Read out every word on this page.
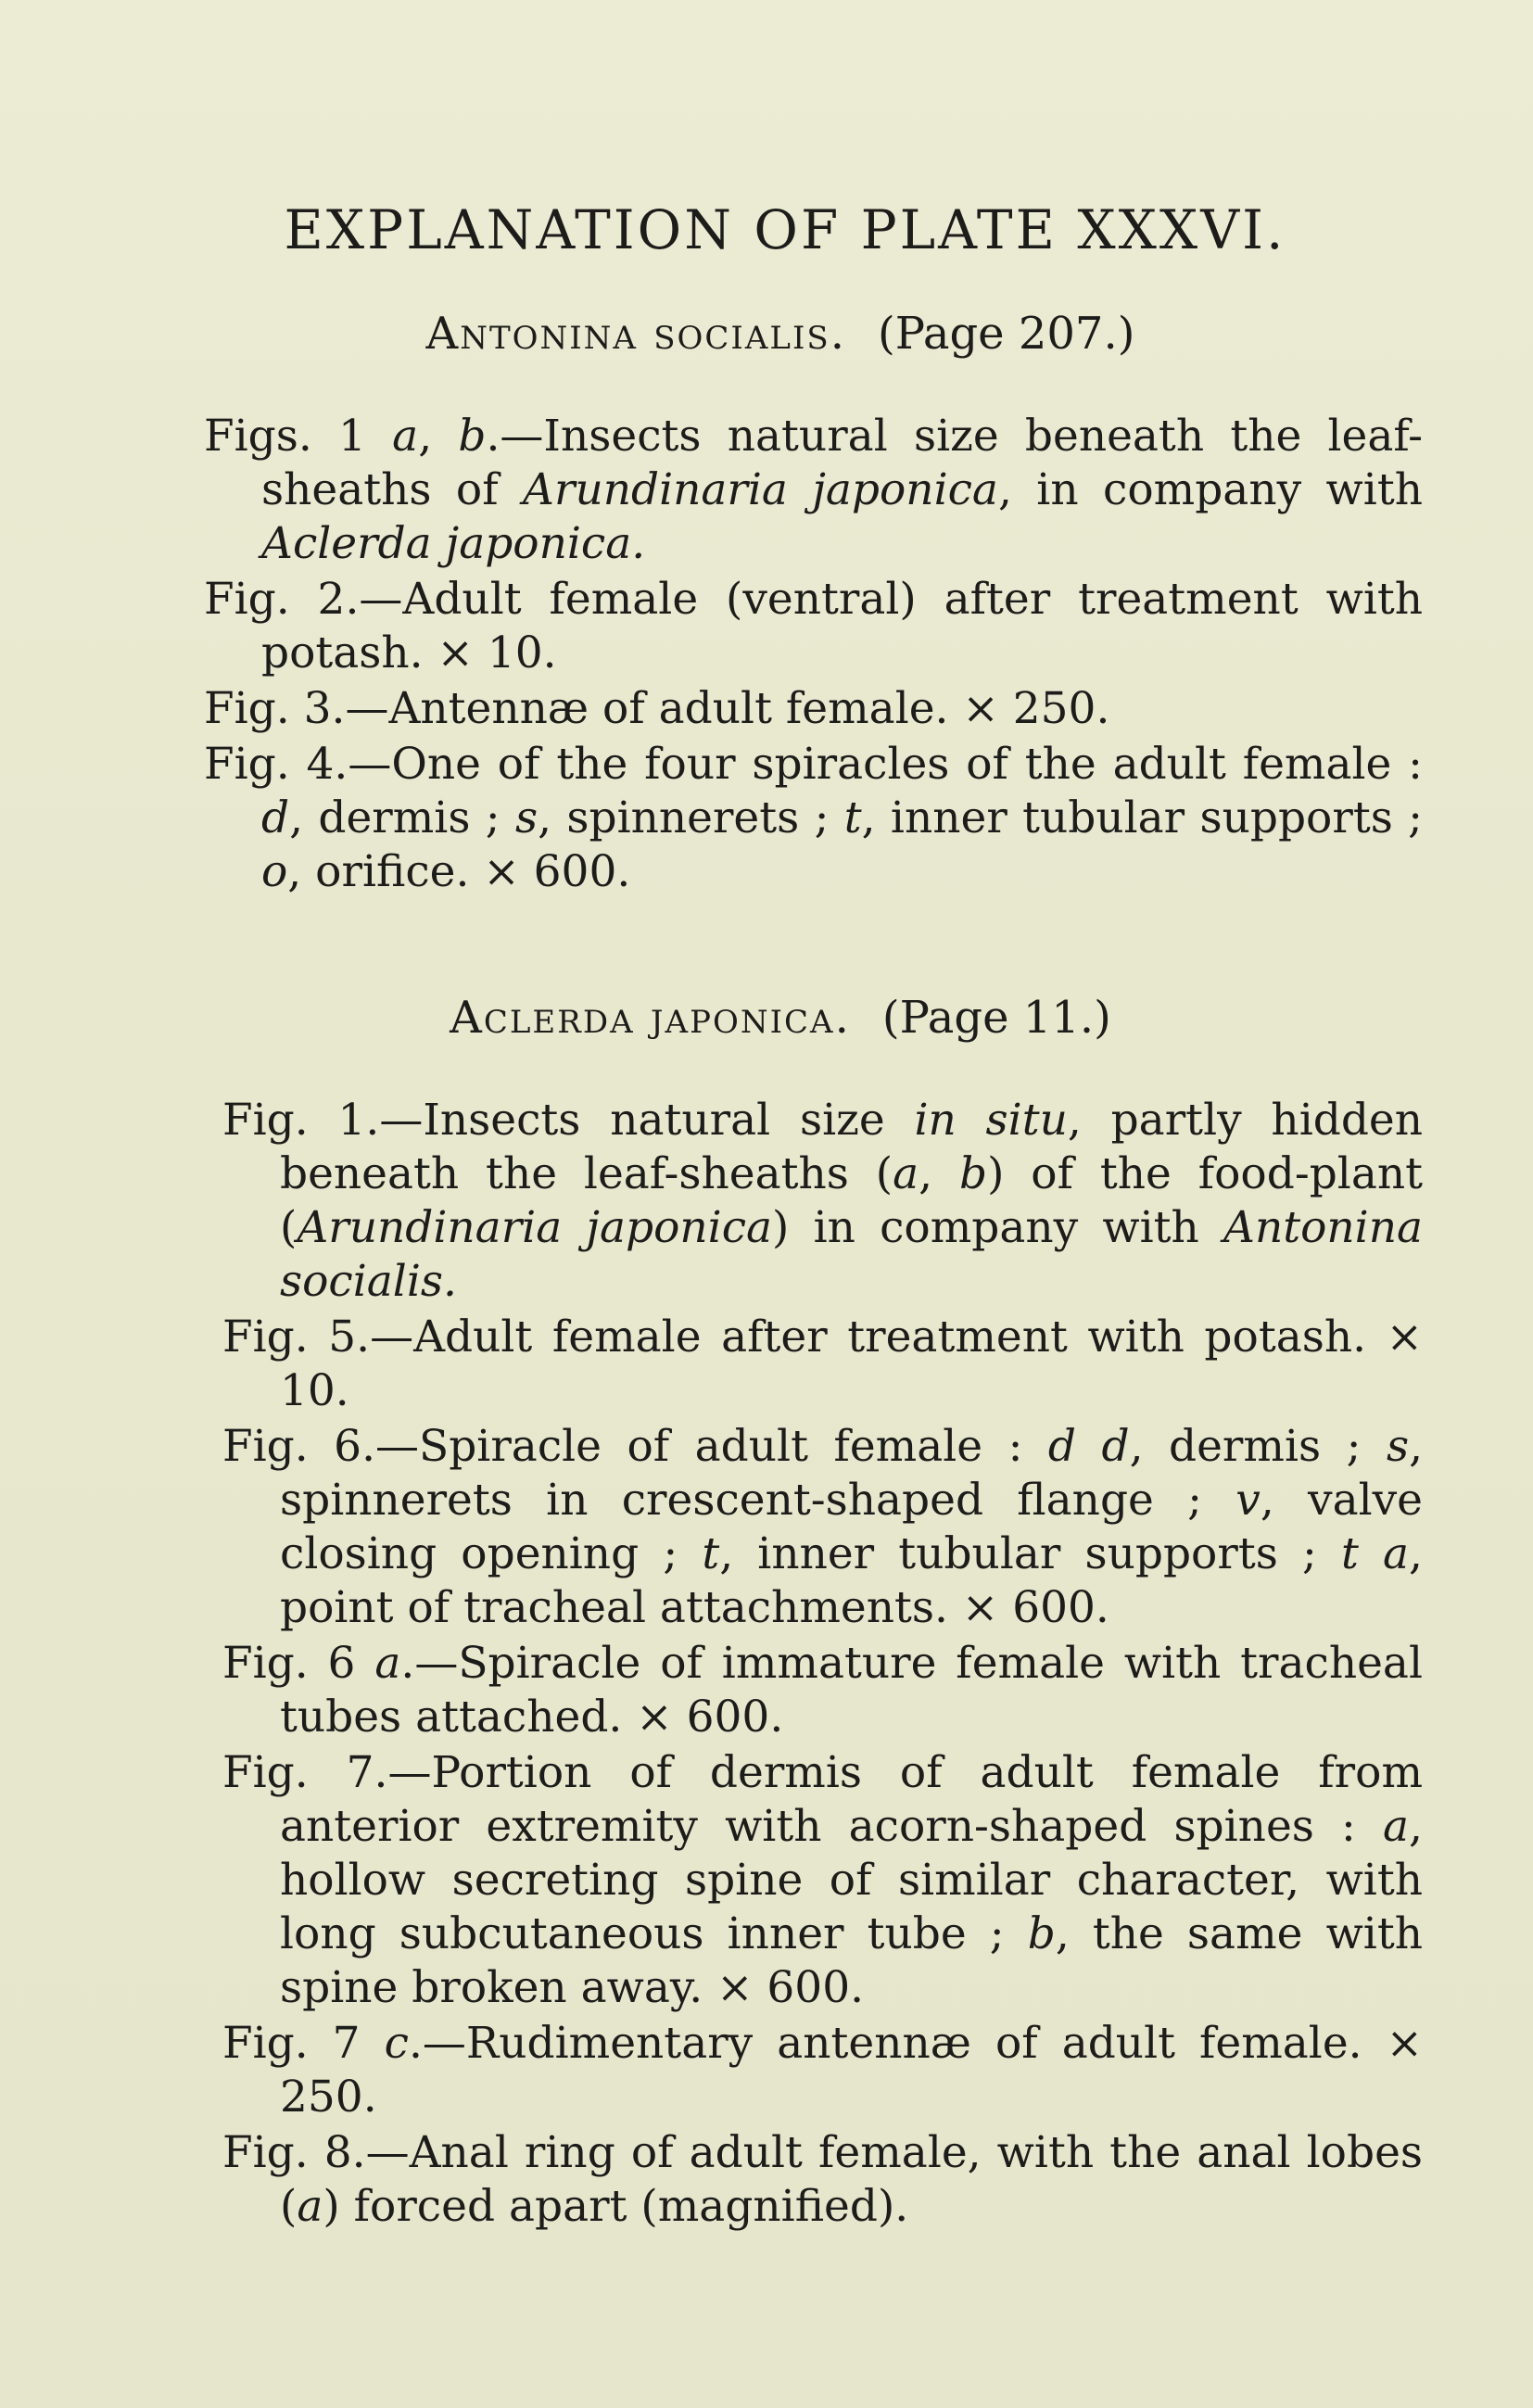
EXPLANATION OF PLATE XXXVI.
Antonina socialis. (Page 207.)
Figs. 1 a, b.—Insects natural size beneath the leaf-sheaths of Arundinaria japonica, in company with Aclerda japonica.
Fig. 2.—Adult female (ventral) after treatment with potash. × 10.
Fig. 3.—Antennæ of adult female. × 250.
Fig. 4.—One of the four spiracles of the adult female : d, dermis ; s, spinnerets ; t, inner tubular supports ; o, orifice. × 600.
Aclerda japonica. (Page 11.)
Fig. 1.—Insects natural size in situ, partly hidden beneath the leaf-sheaths (a, b) of the food-plant (Arundinaria japonica) in company with Antonina socialis.
Fig. 5.—Adult female after treatment with potash. × 10.
Fig. 6.—Spiracle of adult female : d d, dermis ; s, spinnerets in crescent-shaped flange ; v, valve closing opening ; t, inner tubular supports ; t a, point of tracheal attachments. × 600.
Fig. 6 a.—Spiracle of immature female with tracheal tubes attached. × 600.
Fig. 7.—Portion of dermis of adult female from anterior extremity with acorn-shaped spines : a, hollow secreting spine of similar character, with long subcutaneous inner tube ; b, the same with spine broken away. × 600.
Fig. 7 c.—Rudimentary antennæ of adult female. × 250.
Fig. 8.—Anal ring of adult female, with the anal lobes (a) forced apart (magnified).
